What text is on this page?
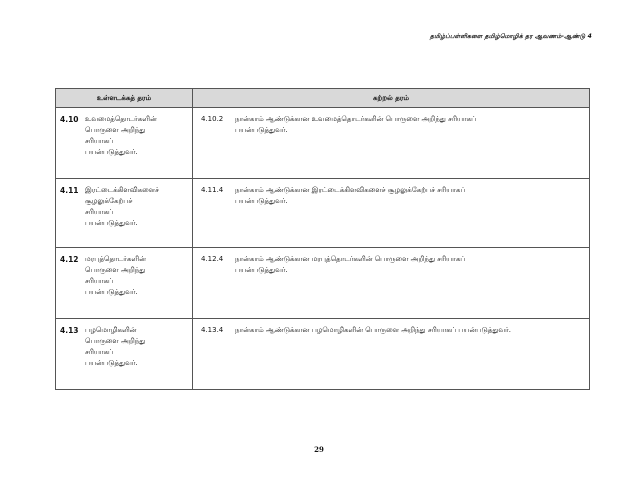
தமிழ்ப்பள்ளிகளை தமிழ்மொழிக் தர ஆவணம்-ஆண்டு 4
உள்ளடக்கத் தரம்	கற்றல் தரம்

4.10 உவமைத்தொடர்களின்
பொருளை அறிந்து
சரியாகப்
பயன்படுத்துவர்.	4.10.2 நான்காம் ஆண்டுக்கான உவமைத்தொடர்களின் பொருளை அறிந்து சரியாகப்
பயன்படுத்துவர்.

4.11 இரட்டைக்கிளவிகளைச்
சூழலுக்கேற்பச்
சரியாகப்
பயன்படுத்துவர்.	4.11.4 நான்காம் ஆண்டுக்கான இரட்டைக்கிளவிகளைச் சூழலுக்கேற்பச் சரியாகப்
பயன்படுத்துவர்.

4.12 மரபுத்தொடர்களின்
பொருளை அறிந்து
சரியாகப்
பயன்படுத்துவர்.	4.12.4 நான்காம் ஆண்டுக்கான மரபுத்தொடர்களின் பொருளை அறிந்து சரியாகப்
பயன்படுத்துவர்.

4.13 பழமொழிகளின்
பொருளை அறிந்து
சரியாகப்
பயன்படுத்துவர்.	4.13.4 நான்காம் ஆண்டுக்கான பழமொழிகளின் பொருளை அறிந்து சரியாகப் பயன்படுத்துவர்.
29
